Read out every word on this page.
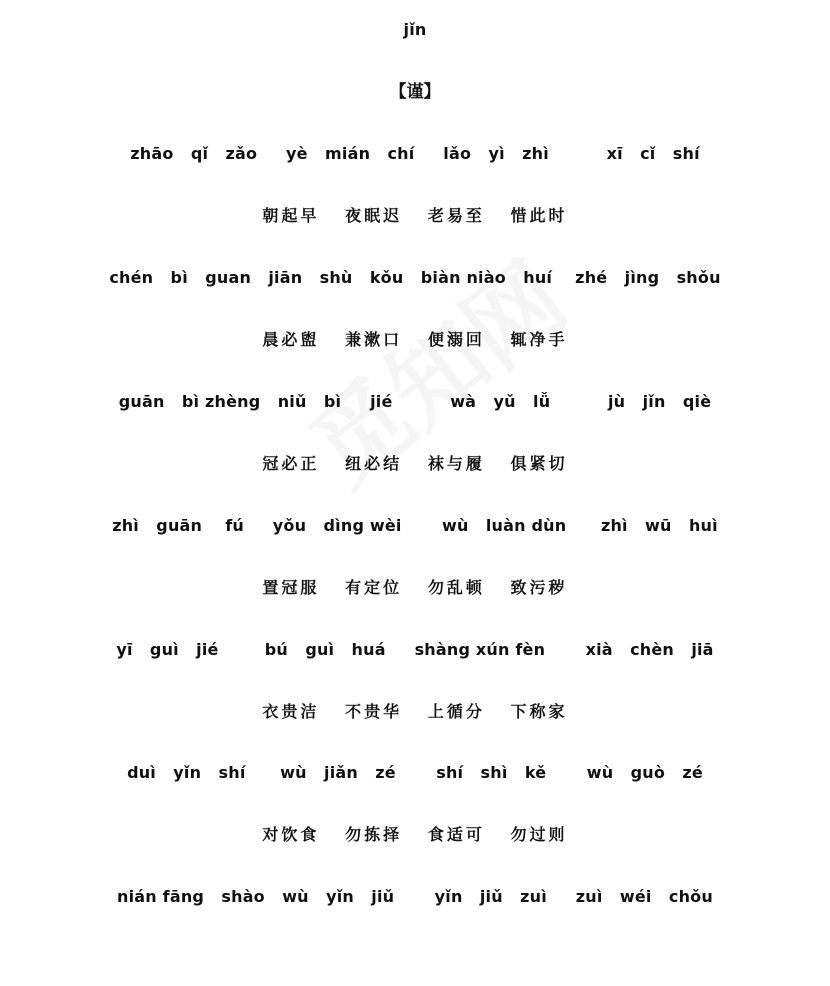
jǐn
【谨】
zhāo   qǐ   zǎo     yè   mián   chí     lǎo   yì   zhì          xī   cǐ   shí
朝起早   夜眠迟   老易至   惜此时
chén   bì   guan   jiān   shù   kǒu   biàn niào   huí    zhé   jìng   shǒu
晨必盥   兼漱口   便溺回   辄净手
guān   bì zhèng   niǔ   bì     jié          wà   yǔ   lǚ          jù   jǐn   qiè
冠必正   纽必结   袜与履   俱紧切
zhì   guān    fú     yǒu   dìng wèi       wù   luàn dùn      zhì   wū   huì
置冠服   有定位   勿乱顿   致污秽
yī   guì   jié        bú   guì   huá     shàng xún fèn       xià   chèn   jiā
衣贵洁   不贵华   上循分   下称家
duì   yǐn   shí      wù   jiǎn   zé       shí   shì   kě       wù   guò   zé
对饮食   勿拣择   食适可   勿过则
nián fāng   shào   wù   yǐn   jiǔ       yǐn   jiǔ   zuì     zuì   wéi   chǒu
